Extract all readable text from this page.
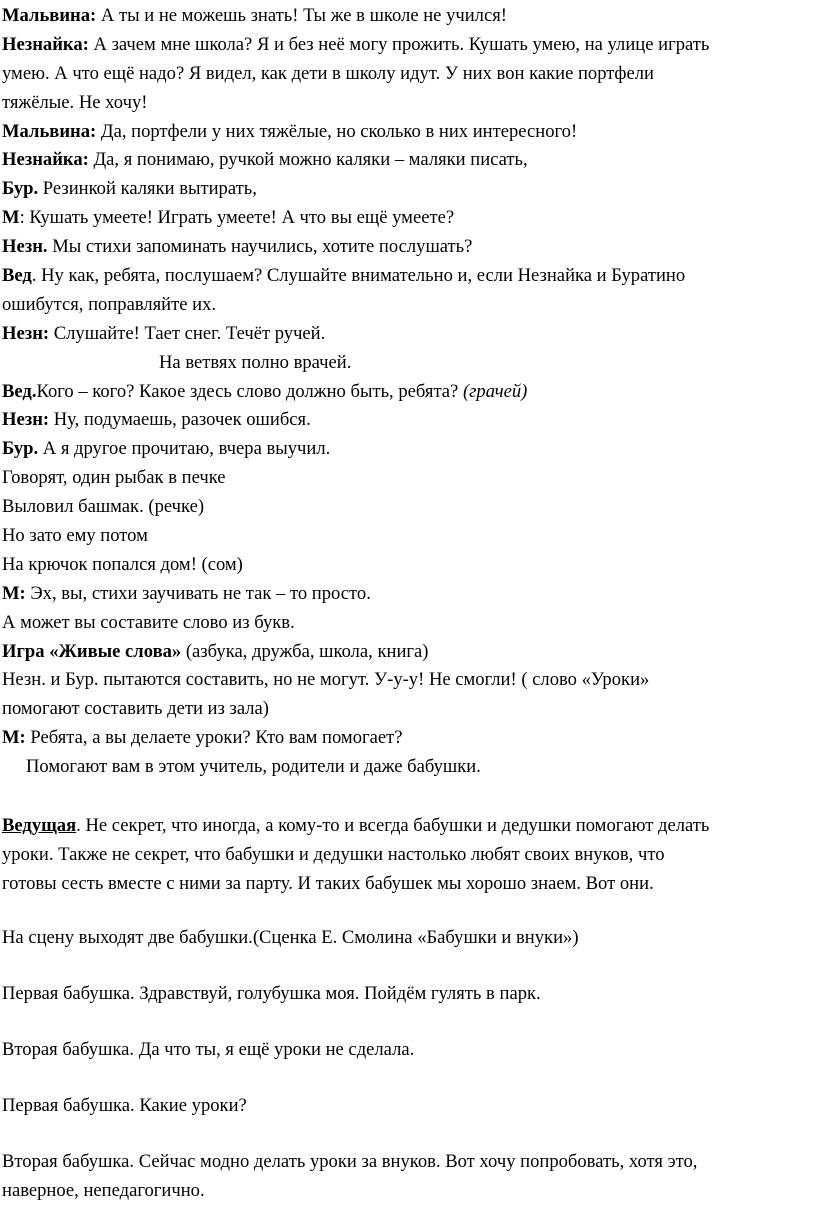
Мальвина: А ты и не можешь знать! Ты же в школе не учился!
Незнайка: А зачем мне школа? Я и без неё могу прожить. Кушать умею, на улице играть
умею. А что ещё надо? Я видел, как дети в школу идут. У них вон какие портфели
тяжёлые. Не хочу!
Мальвина: Да, портфели у них тяжёлые, но сколько в них интересного!
Незнайка: Да, я понимаю, ручкой можно каляки – маляки писать,
Бур. Резинкой каляки вытирать,
М: Кушать умеете! Играть умеете! А что вы ещё умеете?
Незн. Мы стихи запоминать научились, хотите послушать?
Вед. Ну как, ребята, послушаем? Слушайте внимательно и, если Незнайка и Буратино
ошибутся, поправляйте их.
Незн: Слушайте! Тает снег. Течёт ручей.
На ветвях полно врачей.
Вед.Кого – кого? Какое здесь слово должно быть, ребята? (грачей)
Незн: Ну, подумаешь, разочек ошибся.
Бур. А я другое прочитаю, вчера выучил.
Говорят, один рыбак в печке
Выловил башмак. (речке)
Но зато ему потом
На крючок попался дом! (сом)
М: Эх, вы, стихи заучивать не так – то просто.
А может вы составите слово из букв.
Игра «Живые слова» (азбука, дружба, школа, книга)
Незн. и Бур. пытаются составить, но не могут. У-у-у! Не смогли! ( слово «Уроки»
помогают составить дети из зала)
М: Ребята, а вы делаете уроки? Кто вам помогает?
Помогают вам в этом учитель, родители и даже бабушки.
Ведущая. Не секрет, что иногда, а кому-то и всегда бабушки и дедушки помогают делать
уроки. Также не секрет, что бабушки и дедушки настолько любят своих внуков, что
готовы сесть вместе с ними за парту. И таких бабушек мы хорошо знаем. Вот они.
На сцену выходят две бабушки.(Сценка Е. Смолина «Бабушки и внуки»)
Первая бабушка. Здравствуй, голубушка моя. Пойдём гулять в парк.
Вторая бабушка. Да что ты, я ещё уроки не сделала.
Первая бабушка. Какие уроки?
Вторая бабушка. Сейчас модно делать уроки за внуков. Вот хочу попробовать, хотя это,
наверное, непедагогично.
